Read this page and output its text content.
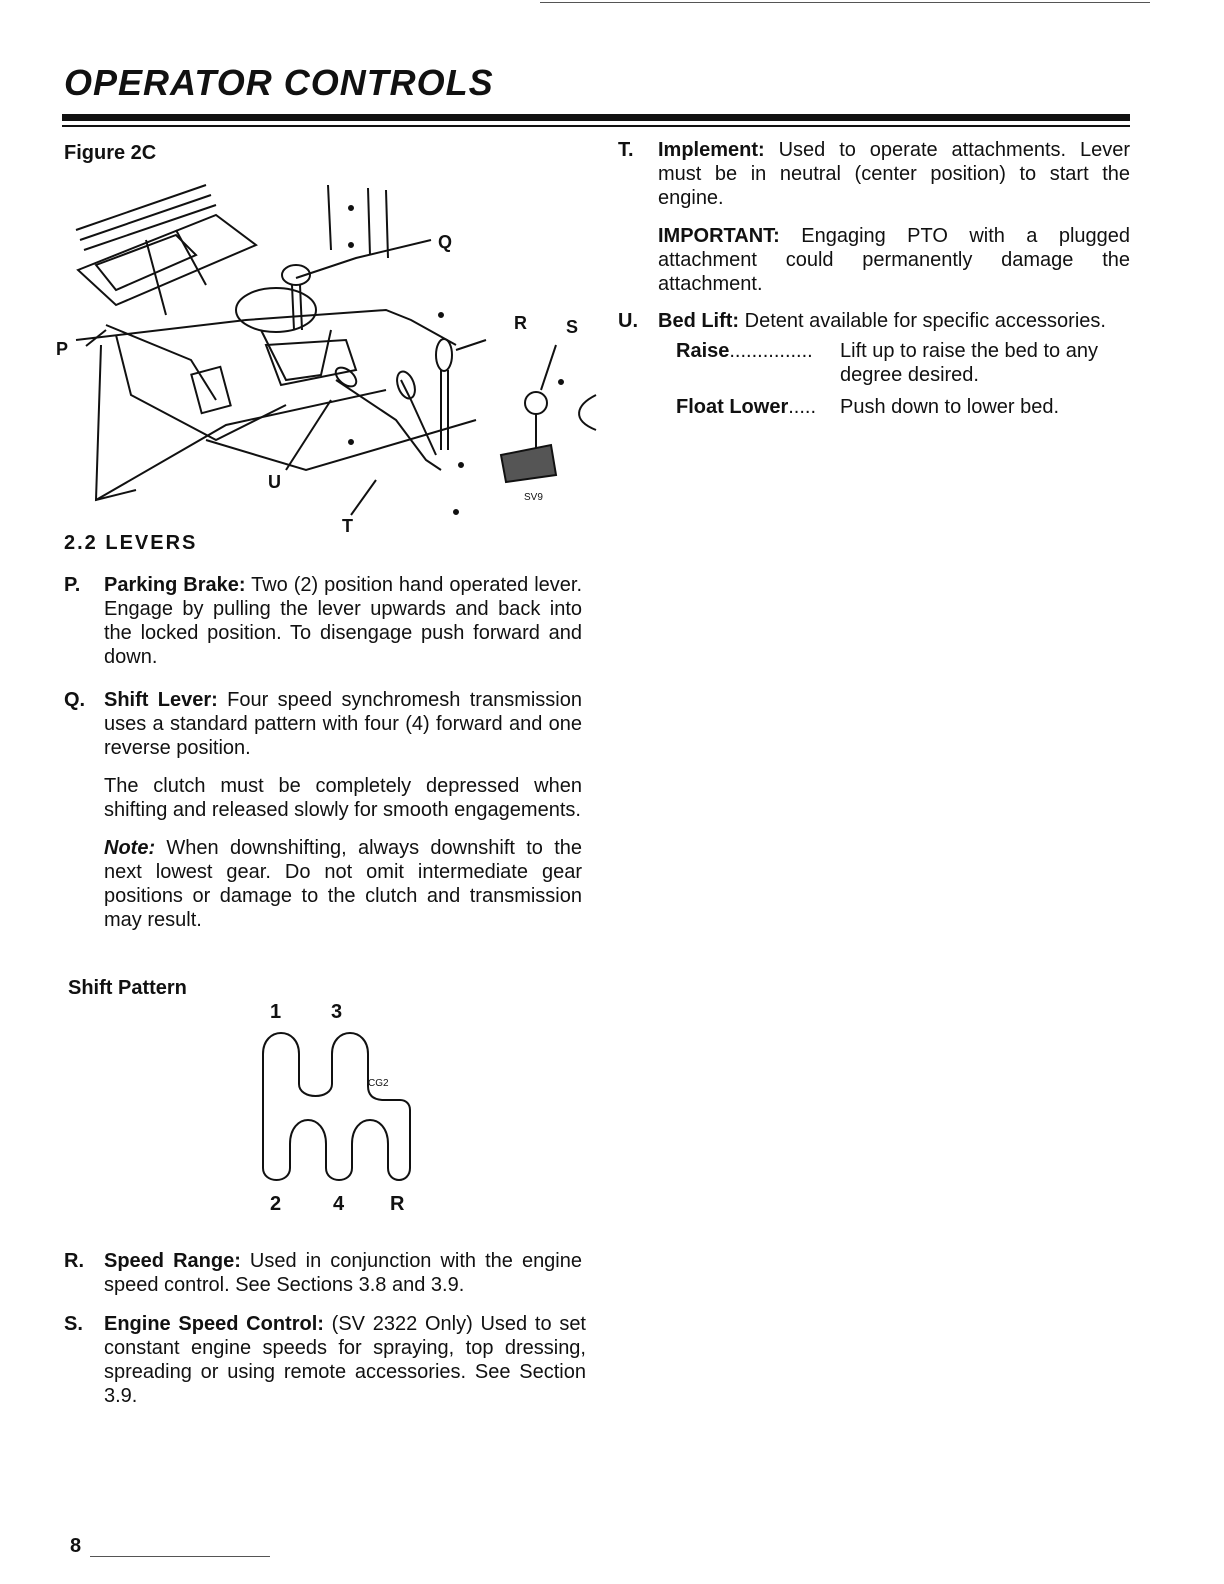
OPERATOR CONTROLS
Figure 2C
P
Q
R S
T
U
SV9
2.2 LEVERS
P. Parking Brake: Two (2) position hand operated lever. Engage by pulling the lever upwards and back into the locked position. To disengage push forward and down.

Q. Shift Lever: Four speed synchromesh transmission uses a standard pattern with four (4) forward and one reverse position.

The clutch must be completely depressed when shifting and released slowly for smooth engagements.

Note: When downshifting, always downshift to the next lowest gear. Do not omit intermediate gear positions or damage to the clutch and transmission may result.

Shift Pattern
1 3
2	4 R
CG2
R. Speed Range: Used in conjunction with the engine speed control. See Sections 3.8 and 3.9.

S. Engine Speed Control: (SV 2322 Only) Used to set constant engine speeds for spraying, top dressing, spreading or using remote accessories. See Section 3.9.

T. Implement: Used to operate attachments. Lever must be in neutral (center position) to start the engine.

IMPORTANT: Engaging PTO with a plugged attachment could permanently damage the attachment.

U. Bed Lift: Detent available for specific accessories.

Raise...............	Lift up to raise the bed to any degree desired.
Float Lower.....	Push down to lower bed.
8
